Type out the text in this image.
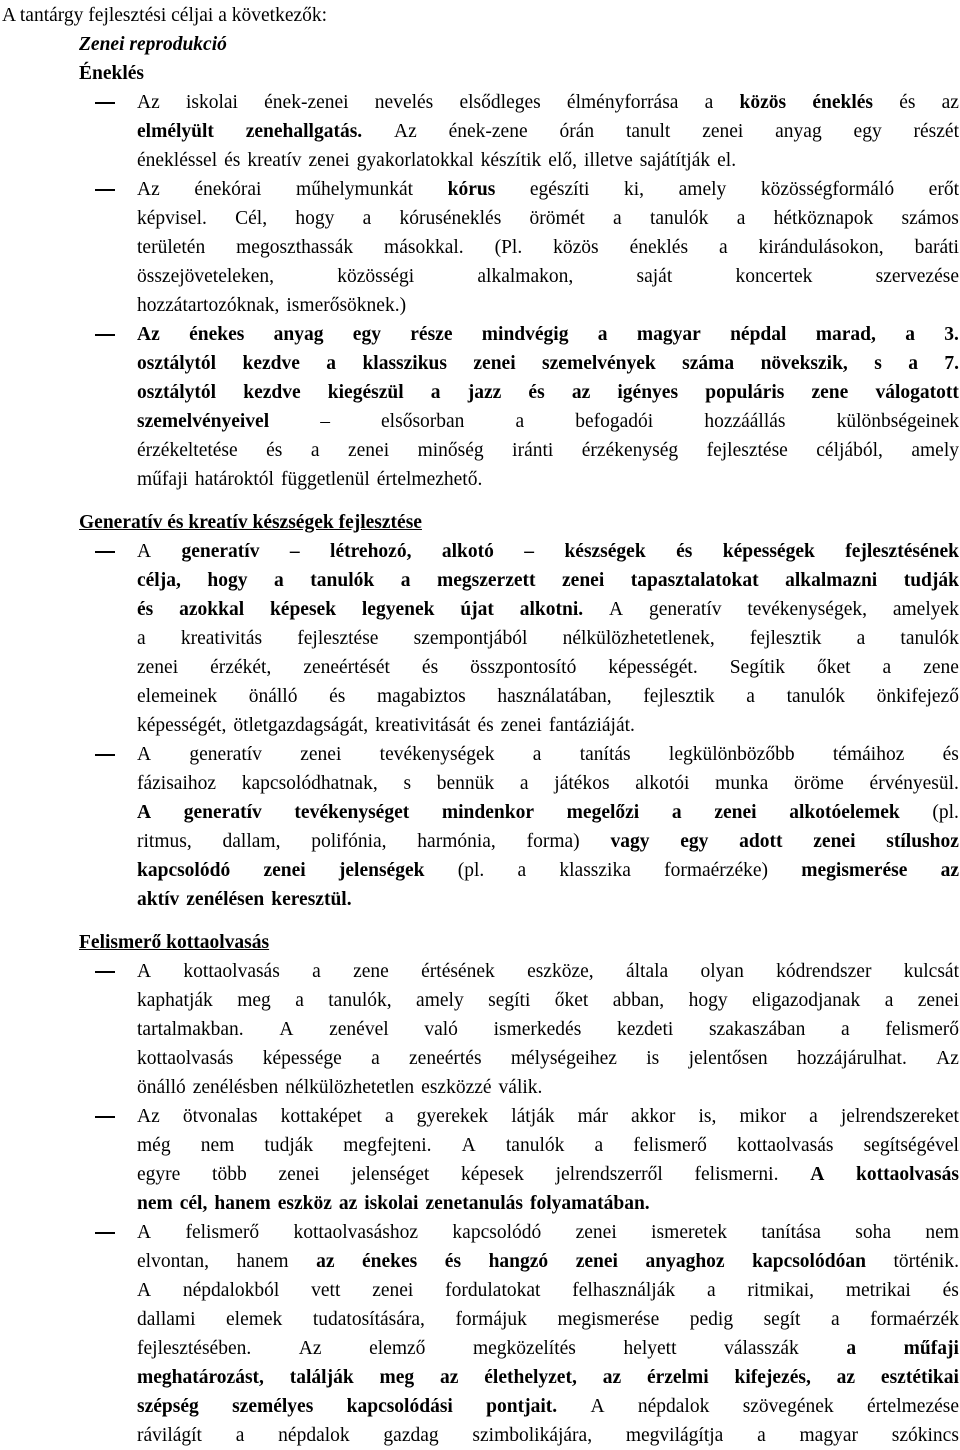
A tantárgy fejlesztési céljai a következők:
Zenei reprodukció
Éneklés
Az iskolai ének-zenei nevelés elsődleges élményforrása a közös éneklés és az
elmélyült zenehallgatás. Az ének-zene órán tanult zenei anyag egy részét
énekléssel és kreatív zenei gyakorlatokkal készítik elő, illetve sajátítják el.
Az énekórai műhelymunkát kórus egészíti ki, amely közösségformáló erőt
képvisel. Cél, hogy a kóruséneklés örömét a tanulók a hétköznapok számos
területén megoszthassák másokkal. (Pl. közös éneklés a kirándulásokon, baráti
összejöveteleken,	közösségi	alkalmakon,	saját	koncertek	szervezése
hozzátartozóknak, ismerősöknek.)
Az énekes anyag egy része mindvégig a magyar népdal marad, a 3.
osztálytól kezdve a klasszikus zenei szemelvények száma növekszik, s a 7.
osztálytól kezdve kiegészül a jazz és az igényes populáris zene válogatott
szemelvényeivel	–	elsősorban	a	befogadói	hozzáállás	különbségeinek
érzékeltetése és a zenei minőség iránti érzékenység fejlesztése céljából, amely
műfaji határoktól függetlenül értelmezhető.
Generatív és kreatív készségek fejlesztése
A generatív – létrehozó, alkotó – készségek és képességek fejlesztésének
célja, hogy a tanulók a megszerzett zenei tapasztalatokat alkalmazni tudják
és azokkal képesek legyenek újat alkotni. A generatív tevékenységek, amelyek
a kreativitás fejlesztése szempontjából nélkülözhetetlenek, fejlesztik a tanulók
zenei érzékét, zeneértését és összpontosító képességét. Segítik őket a zene
elemeinek önálló és magabiztos használatában, fejlesztik a tanulók önkifejező
képességét, ötletgazdagságát, kreativitását és zenei fantáziáját.
A generatív zenei tevékenységek a tanítás legkülönbözőbb témáihoz és
fázisaihoz kapcsolódhatnak, s bennük a játékos alkotói munka öröme érvényesül.
A generatív tevékenységet mindenkor megelőzi a zenei alkotóelemek (pl.
ritmus, dallam, polifónia, harmónia, forma) vagy egy adott zenei stílushoz
kapcsolódó zenei jelenségek (pl. a klasszika formaérzéke) megismerése az
aktív zenélésen keresztül.
Felismerő kottaolvasás
A kottaolvasás a zene értésének eszköze, általa olyan kódrendszer kulcsát
kaphatják meg a tanulók, amely segíti őket abban, hogy eligazodjanak a zenei
tartalmakban. A zenével való ismerkedés kezdeti szakaszában a felismerő
kottaolvasás képessége a zeneértés mélységeihez is jelentősen hozzájárulhat. Az
önálló zenélésben nélkülözhetetlen eszközzé válik.
Az ötvonalas kottaképet a gyerekek látják már akkor is, mikor a jelrendszereket
még nem tudják megfejteni. A tanulók a felismerő kottaolvasás segítségével
egyre több zenei jelenséget képesek jelrendszerről felismerni. A kottaolvasás
nem cél, hanem eszköz az iskolai zenetanulás folyamatában.
A felismerő kottaolvasáshoz kapcsolódó zenei ismeretek tanítása soha nem
elvontan, hanem az énekes és hangzó zenei anyaghoz kapcsolódóan történik.
A népdalokból vett zenei fordulatokat felhasználják a ritmikai, metrikai és
dallami elemek tudatosítására, formájuk megismerése pedig segít a formaérzék
fejlesztésében. Az elemző megközelítés helyett válasszák a műfaji
meghatározást, találják meg az élethelyzet, az érzelmi kifejezés, az esztétikai
szépség személyes kapcsolódási pontjait. A népdalok szövegének értelmezése
rávilágít a népdalok gazdag szimbolikájára, megvilágítja a magyar szókincs
